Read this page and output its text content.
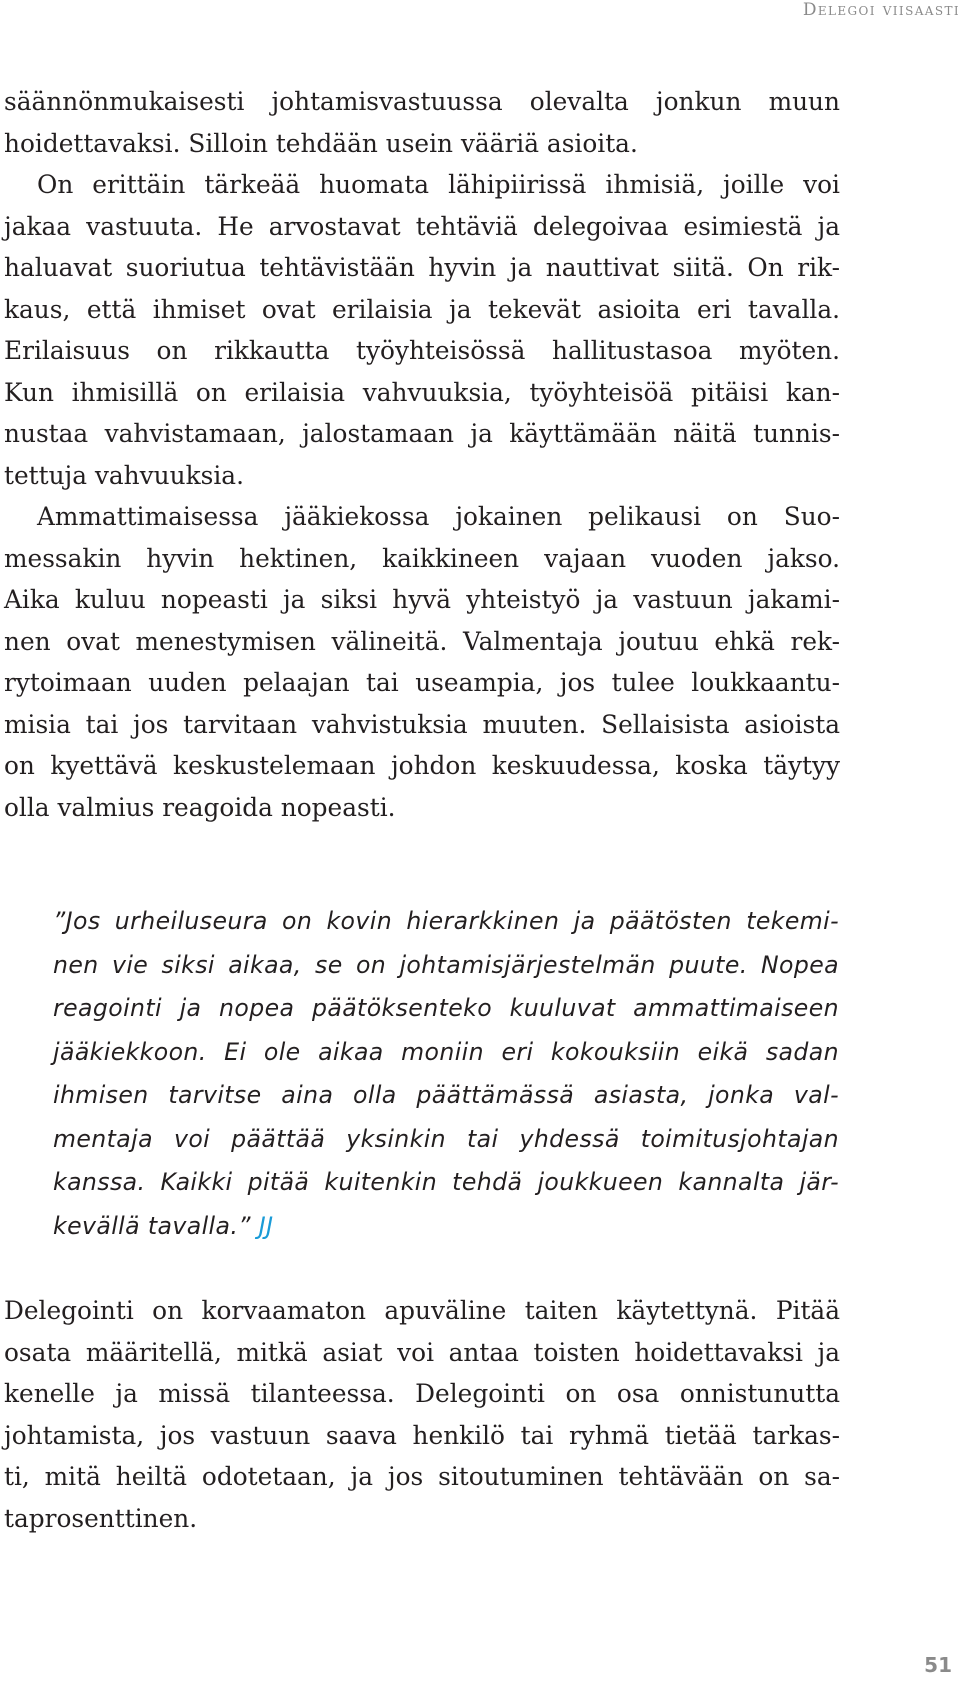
Delegoi viisaasti
säännönmukaisesti johtamisvastuussa olevalta jonkun muun
hoidettavaksi. Silloin tehdään usein vääriä asioita.
On erittäin tärkeää huomata lähipiirissä ihmisiä, joille voi
jakaa vastuuta. He arvostavat tehtäviä delegoivaa esimiestä ja
haluavat suoriutua tehtävistään hyvin ja nauttivat siitä. On rik-
kaus, että ihmiset ovat erilaisia ja tekevät asioita eri tavalla.
Erilaisuus on rikkautta työyhteisössä hallitustasoa myöten.
Kun ihmisillä on erilaisia vahvuuksia, työyhteisöä pitäisi kan-
nustaa vahvistamaan, jalostamaan ja käyttämään näitä tunnis-
tettuja vahvuuksia.
Ammattimaisessa jääkiekossa jokainen pelikausi on Suo-
messakin hyvin hektinen, kaikkineen vajaan vuoden jakso.
Aika kuluu nopeasti ja siksi hyvä yhteistyö ja vastuun jakami-
nen ovat menestymisen välineitä. Valmentaja joutuu ehkä rek-
rytoimaan uuden pelaajan tai useampia, jos tulee loukkaantu-
misia tai jos tarvitaan vahvistuksia muuten. Sellaisista asioista
on kyettävä keskustelemaan johdon keskuudessa, koska täytyy
olla valmius reagoida nopeasti.
”Jos urheiluseura on kovin hierarkkinen ja päätösten tekemi-
nen vie siksi aikaa, se on johtamisjärjestelmän puute. Nopea
reagointi ja nopea päätöksenteko kuuluvat ammattimaiseen
jääkiekkoon. Ei ole aikaa moniin eri kokouksiin eikä sadan
ihmisen tarvitse aina olla päättämässä asiasta, jonka val-
mentaja voi päättää yksinkin tai yhdessä toimitusjohtajan
kanssa. Kaikki pitää kuitenkin tehdä joukkueen kannalta jär-
kevällä tavalla.” JJ
Delegointi on korvaamaton apuväline taiten käytettynä. Pitää
osata määritellä, mitkä asiat voi antaa toisten hoidettavaksi ja
kenelle ja missä tilanteessa. Delegointi on osa onnistunutta
johtamista, jos vastuun saava henkilö tai ryhmä tietää tarkas-
ti, mitä heiltä odotetaan, ja jos sitoutuminen tehtävään on sa-
taprosenttinen.
51
